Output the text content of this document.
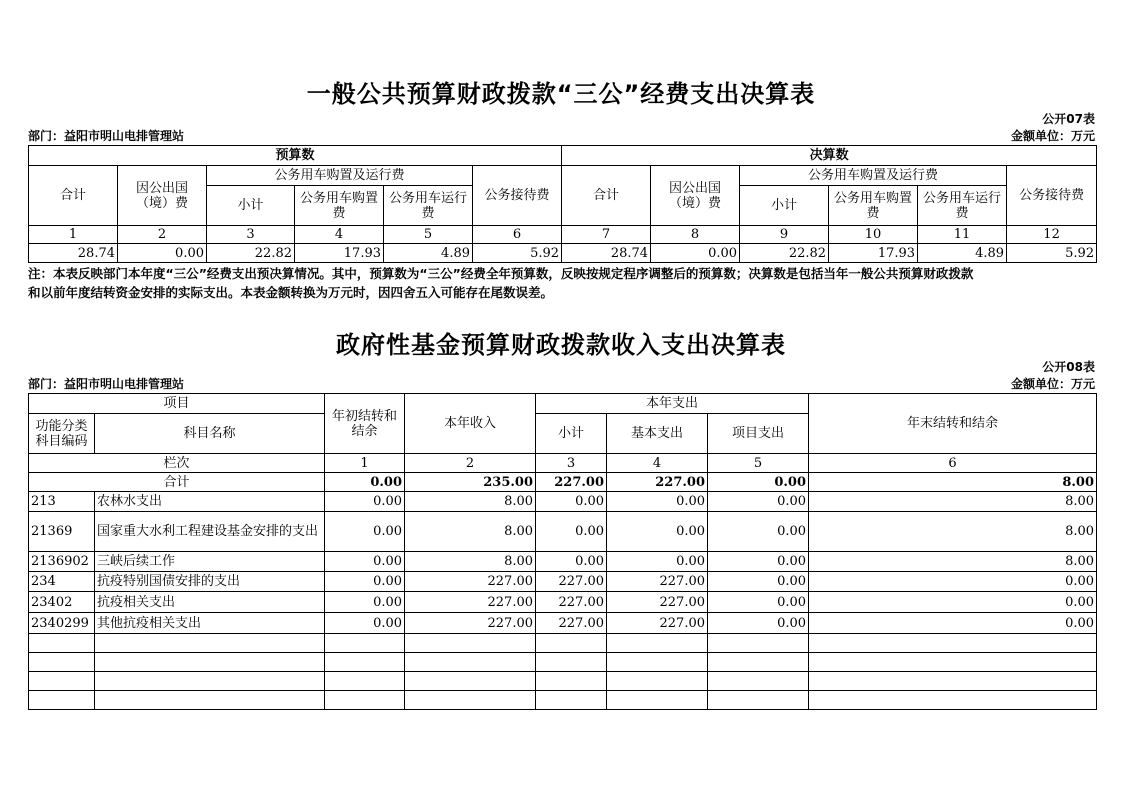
一般公共预算财政拨款“三公”经费支出决算表
公开07表
部门：益阳市明山电排管理站	金额单位：万元
预算数						决算数					
合计	因公出国（境）费	公务用车购置及运行费			公务接待费	合计	因公出国（境）费	公务用车购置及运行费			公务接待费
		小计	公务用车购置费	公务用车运行费				小计	公务用车购置费	公务用车运行费	
1	2	3	4	5	6	7	8	9	10	11	12
28.74	0.00	22.82	17.93	4.89	5.92	28.74	0.00	22.82	17.93	4.89	5.92
注：本表反映部门本年度“三公”经费支出预决算情况。其中，预算数为“三公”经费全年预算数，反映按规定程序调整后的预算数；决算数是包括当年一般公共预算财政拨款
和以前年度结转资金安排的实际支出。本表金额转换为万元时，因四舍五入可能存在尾数误差。
政府性基金预算财政拨款收入支出决算表
公开08表
部门：益阳市明山电排管理站	金额单位：万元
项目		年初结转和结余	本年收入	本年支出			年末结转和结余
功能分类科目编码	科目名称			小计	基本支出	项目支出	
栏次		1	2	3	4	5	6
合计		0.00	235.00	227.00	227.00	0.00	8.00
213	农林水支出	0.00	8.00	0.00	0.00	0.00	8.00
21369	国家重大水利工程建设基金安排的支出	0.00	8.00	0.00	0.00	0.00	8.00
2136902	三峡后续工作	0.00	8.00	0.00	0.00	0.00	8.00
234	抗疫特别国债安排的支出	0.00	227.00	227.00	227.00	0.00	0.00
23402	抗疫相关支出	0.00	227.00	227.00	227.00	0.00	0.00
2340299	其他抗疫相关支出	0.00	227.00	227.00	227.00	0.00	0.00
